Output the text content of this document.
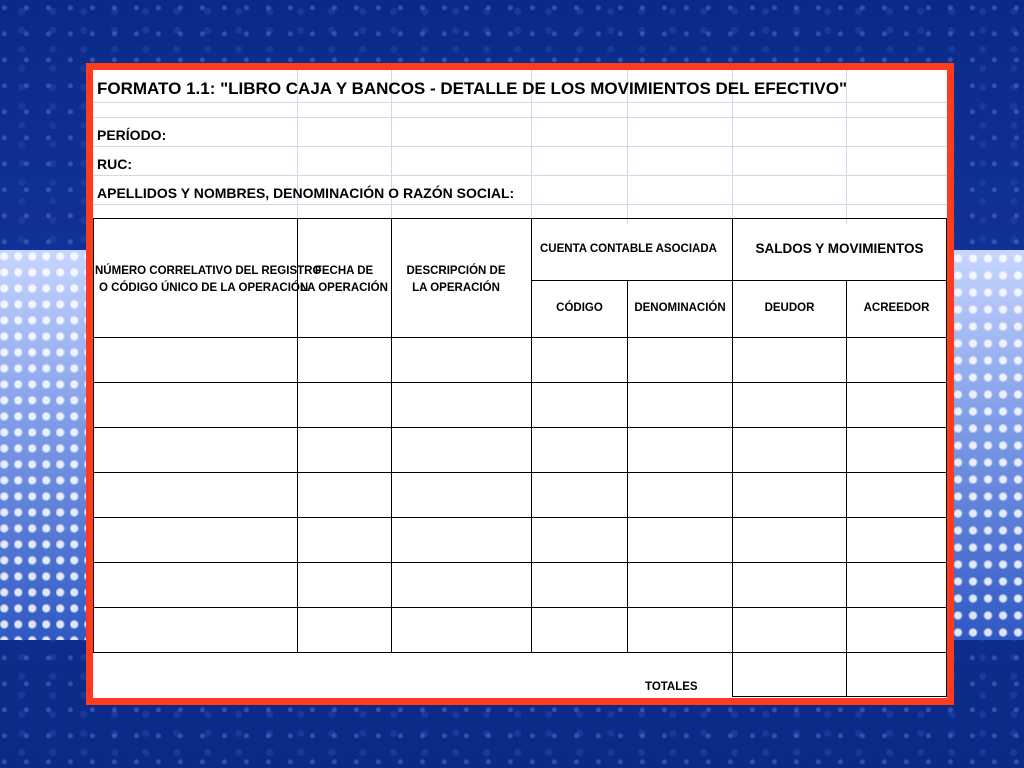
FORMATO 1.1: "LIBRO CAJA Y BANCOS - DETALLE DE LOS MOVIMIENTOS DEL EFECTIVO"
PERÍODO:
RUC:
APELLIDOS Y NOMBRES, DENOMINACIÓN O RAZÓN SOCIAL:
NÚMERO CORRELATIVO DEL REGISTRO
O CÓDIGO ÚNICO DE LA OPERACIÓN
FECHA DE
LA OPERACIÓN
DESCRIPCIÓN DE
LA OPERACIÓN
CUENTA CONTABLE ASOCIADA
CÓDIGO	DENOMINACIÓN
SALDOS Y MOVIMIENTOS
DEUDOR	ACREEDOR
TOTALES
